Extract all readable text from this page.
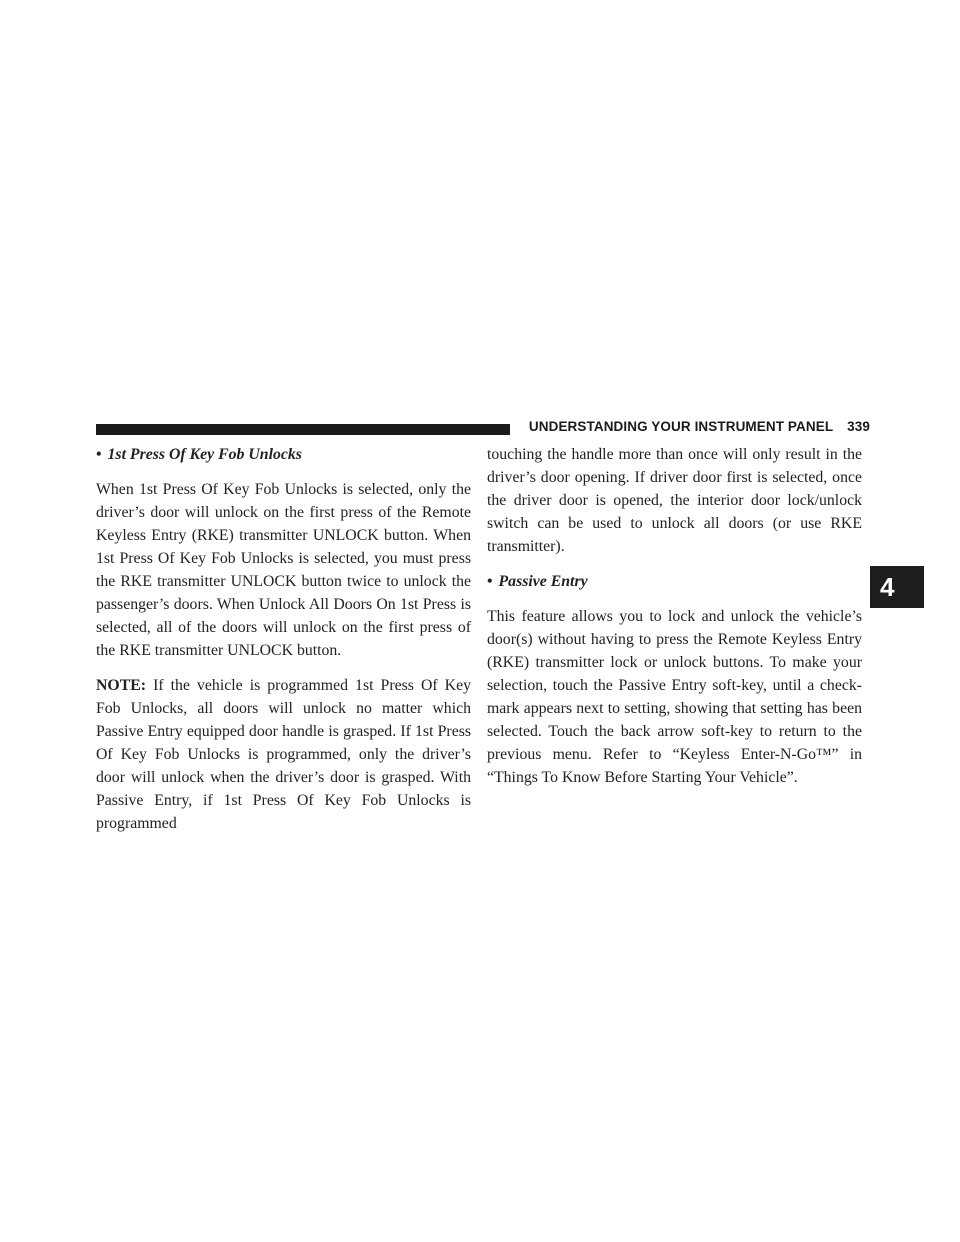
UNDERSTANDING YOUR INSTRUMENT PANEL 339
4

• 1st Press Of Key Fob Unlocks

When 1st Press Of Key Fob Unlocks is selected, only the driver’s door will unlock on the first press of the Remote Keyless Entry (RKE) transmitter UNLOCK button. When 1st Press Of Key Fob Unlocks is selected, you must press the RKE transmitter UNLOCK button twice to unlock the passenger’s doors. When Unlock All Doors On 1st Press is selected, all of the doors will unlock on the first press of the RKE transmitter UNLOCK button.

NOTE: If the vehicle is programmed 1st Press Of Key Fob Unlocks, all doors will unlock no matter which Passive Entry equipped door handle is grasped. If 1st Press Of Key Fob Unlocks is programmed, only the driver’s door will unlock when the driver’s door is grasped. With Passive Entry, if 1st Press Of Key Fob Unlocks is programmed

touching the handle more than once will only result in the driver’s door opening. If driver door first is selected, once the driver door is opened, the interior door lock/unlock switch can be used to unlock all doors (or use RKE transmitter).

• Passive Entry

This feature allows you to lock and unlock the vehicle’s door(s) without having to press the Remote Keyless Entry (RKE) transmitter lock or unlock buttons. To make your selection, touch the Passive Entry soft-key, until a check-mark appears next to setting, showing that setting has been selected. Touch the back arrow soft-key to return to the previous menu. Refer to “Keyless Enter-N-Go™” in “Things To Know Before Starting Your Vehicle”.
